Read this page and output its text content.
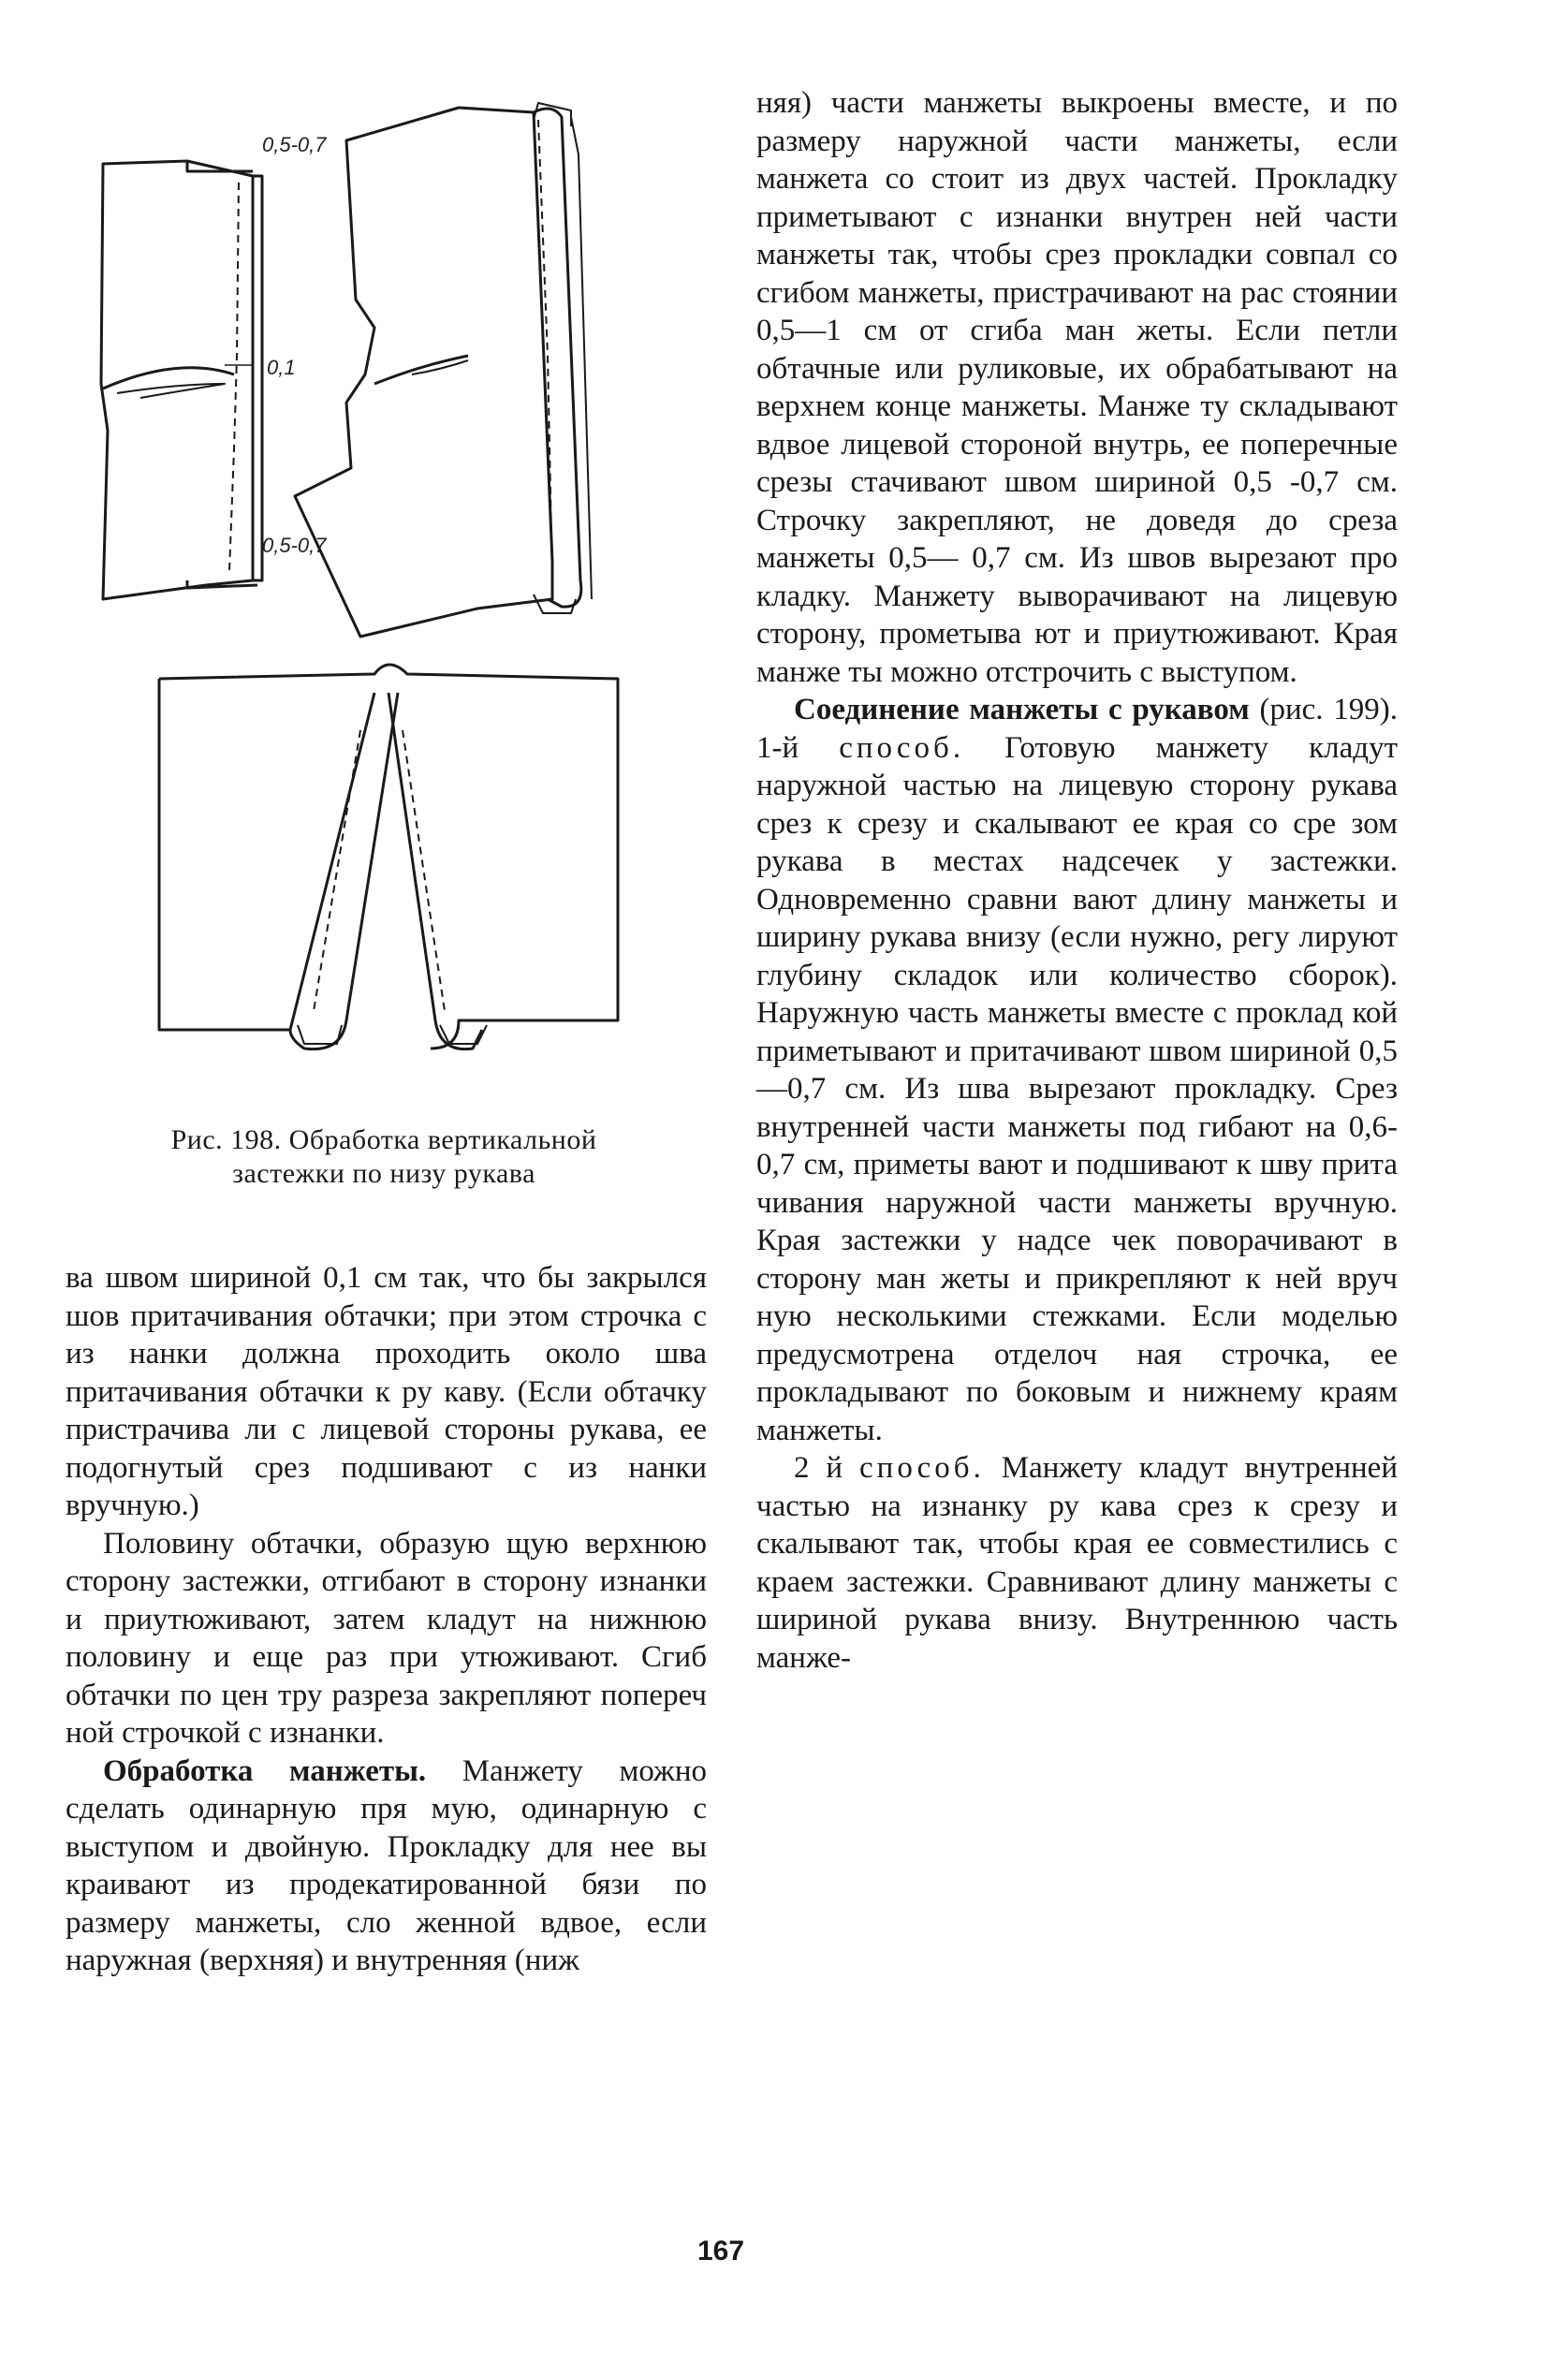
0,5-0,7
0,1
0,5-0,7
Рис. 198. Обработка вертикальной застежки по низу рукава

ва швом шириной 0,1 см так, что бы закрылся шов притачивания обтачки; при этом строчка с из нанки должна проходить около шва притачивания обтачки к ру каву. (Если обтачку пристрачива ли с лицевой стороны рукава, ее подогнутый срез подшивают с из нанки вручную.)

Половину обтачки, образую щую верхнюю сторону застежки, отгибают в сторону изнанки и приутюживают, затем кладут на нижнюю половину и еще раз при утюживают. Сгиб обтачки по цен тру разреза закрепляют попереч ной строчкой с изнанки.

Обработка манжеты. Манжету можно сделать одинарную пря мую, одинарную с выступом и двойную. Прокладку для нее вы краивают из продекатированной бязи по размеру манжеты, сло женной вдвое, если наружная (верхняя) и внутренняя (ниж

няя) части манжеты выкроены вместе, и по размеру наружной части манжеты, если манжета со стоит из двух частей. Прокладку приметывают с изнанки внутрен ней части манжеты так, чтобы срез прокладки совпал со сгибом манжеты, пристрачивают на рас стоянии 0,5—1 см от сгиба ман жеты. Если петли обтачные или руликовые, их обрабатывают на верхнем конце манжеты. Манже ту складывают вдвое лицевой стороной внутрь, ее поперечные срезы стачивают швом шириной 0,5 -0,7 см. Строчку закрепляют, не доведя до среза манжеты 0,5— 0,7 см. Из швов вырезают про кладку. Манжету выворачивают на лицевую сторону, прометыва ют и приутюживают. Края манже ты можно отстрочить с выступом.

Соединение манжеты с рукавом (рис. 199). 1-й способ. Готовую манжету кладут наружной частью на лицевую сторону рукава срез к срезу и скалывают ее края со сре зом рукава в местах надсечек у застежки. Одновременно сравни вают длину манжеты и ширину рукава внизу (если нужно, регу лируют глубину складок или количество сборок). Наружную часть манжеты вместе с проклад кой приметывают и притачивают швом шириной 0,5—0,7 см. Из шва вырезают прокладку. Срез внутренней части манжеты под гибают на 0,6- 0,7 см, приметы вают и подшивают к шву прита чивания наружной части манжеты вручную. Края застежки у надсе чек поворачивают в сторону ман жеты и прикрепляют к ней вруч ную несколькими стежками. Если моделью предусмотрена отделоч ная строчка, ее прокладывают по боковым и нижнему краям манжеты.

2 й способ. Манжету кладут внутренней частью на изнанку ру кава срез к срезу и скалывают так, чтобы края ее совместились с краем застежки. Сравнивают длину манжеты с шириной рукава внизу. Внутреннюю часть манже-

167
